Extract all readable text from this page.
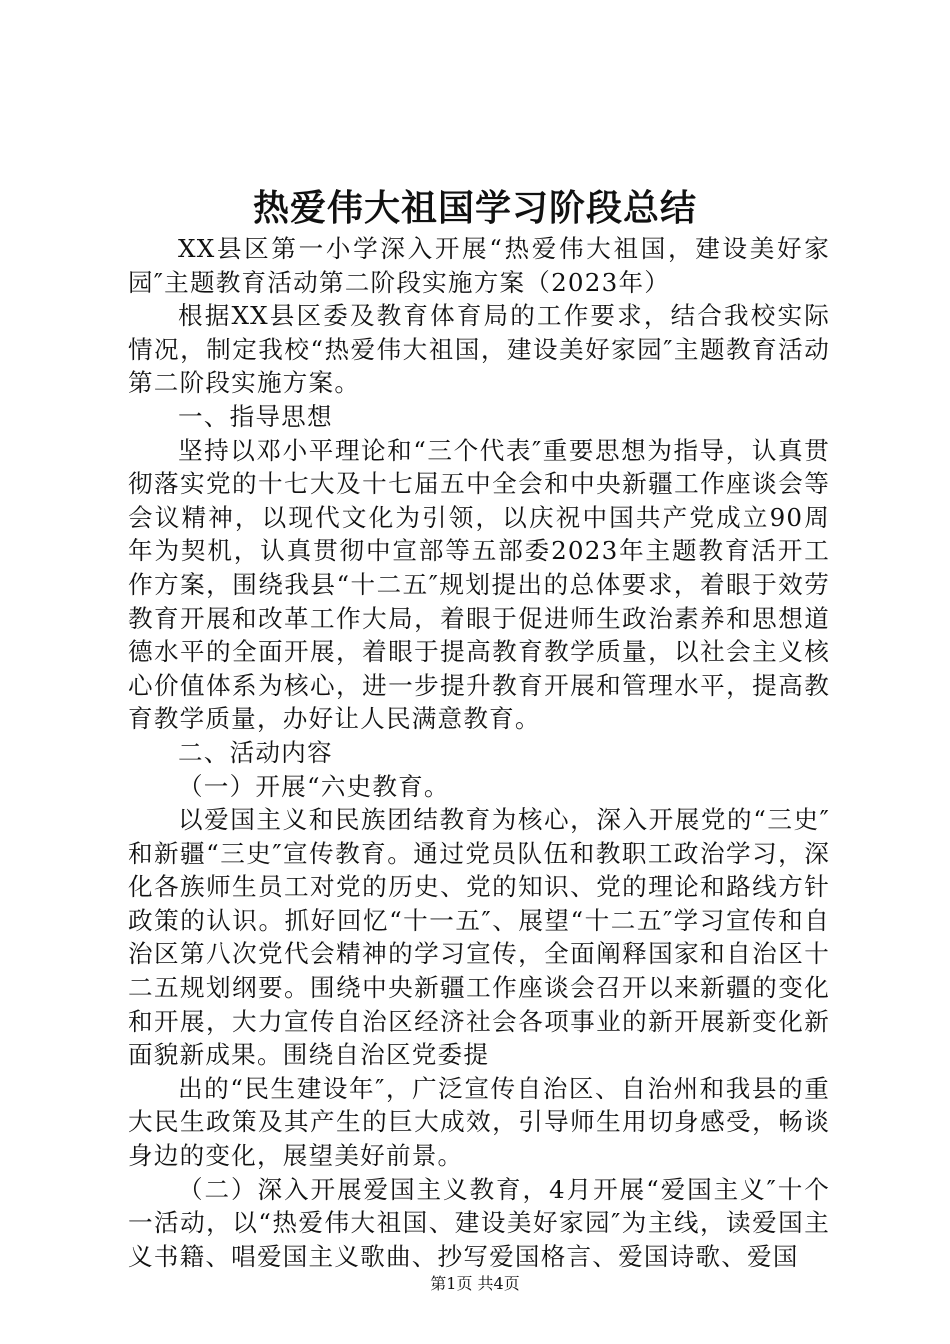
热爱伟大祖国学习阶段总结

XX县区第一小学深入开展“热爱伟大祖国，建设美好家园″主题教育活动第二阶段实施方案（2023年）

根据XX县区委及教育体育局的工作要求，结合我校实际情况，制定我校“热爱伟大祖国，建设美好家园″主题教育活动第二阶段实施方案。

一、指导思想

坚持以邓小平理论和“三个代表″重要思想为指导，认真贯彻落实党的十七大及十七届五中全会和中央新疆工作座谈会等会议精神，以现代文化为引领，以庆祝中国共产党成立90周年为契机，认真贯彻中宣部等五部委2023年主题教育活开工作方案，围绕我县“十二五″规划提出的总体要求，着眼于效劳教育开展和改革工作大局，着眼于促进师生政治素养和思想道德水平的全面开展，着眼于提高教育教学质量，以社会主义核心价值体系为核心，进一步提升教育开展和管理水平，提高教育教学质量，办好让人民满意教育。

二、活动内容

（一）开展“六史教育。

以爱国主义和民族团结教育为核心，深入开展党的“三史″和新疆“三史″宣传教育。通过党员队伍和教职工政治学习，深化各族师生员工对党的历史、党的知识、党的理论和路线方针政策的认识。抓好回忆“十一五″、展望“十二五″学习宣传和自治区第八次党代会精神的学习宣传，全面阐释国家和自治区十二五规划纲要。围绕中央新疆工作座谈会召开以来新疆的变化和开展，大力宣传自治区经济社会各项事业的新开展新变化新面貌新成果。围绕自治区党委提

出的“民生建设年″，广泛宣传自治区、自治州和我县的重大民生政策及其产生的巨大成效，引导师生用切身感受，畅谈身边的变化，展望美好前景。

（二）深入开展爱国主义教育，4月开展“爱国主义″十个一活动，以“热爱伟大祖国、建设美好家园″为主线，读爱国主义书籍、唱爱国主义歌曲、抄写爱国格言、爱国诗歌、爱国

第1页 共4页
